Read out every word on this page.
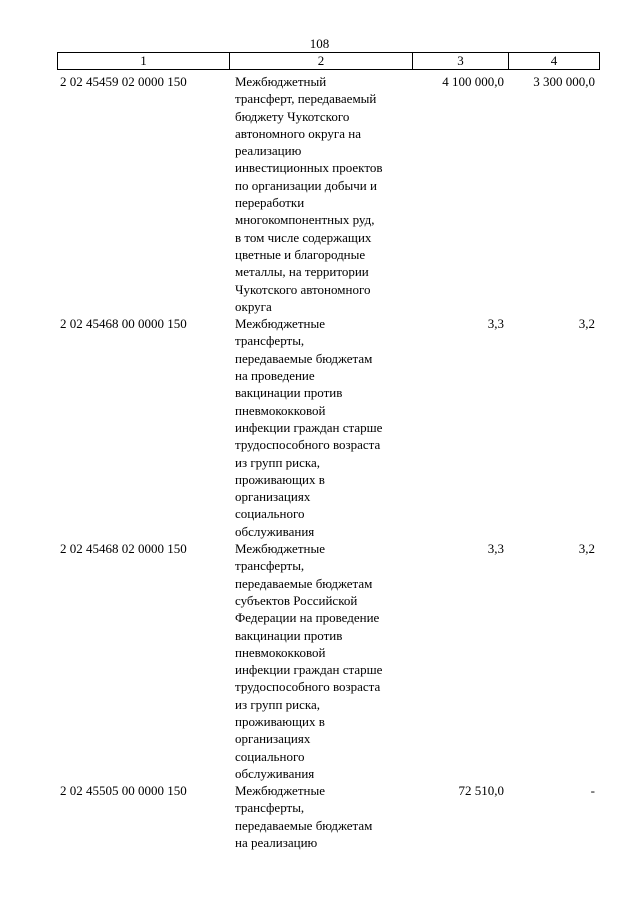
108
1	2	3	4
2 02 45459 02 0000 150	Межбюджетный
трансферт, передаваемый
бюджету Чукотского
автономного округа на
реализацию
инвестиционных проектов
по организации добычи и
переработки
многокомпонентных руд,
в том числе содержащих
цветные и благородные
металлы, на территории
Чукотского автономного
округа
4 100 000,0	3 300 000,0
2 02 45468 00 0000 150	Межбюджетные
трансферты,
передаваемые бюджетам
на проведение
вакцинации против
пневмококковой
инфекции граждан старше
трудоспособного возраста
из групп риска,
проживающих в
организациях
социального
обслуживания
3,3	3,2
2 02 45468 02 0000 150	Межбюджетные
трансферты,
передаваемые бюджетам
субъектов Российской
Федерации на проведение
вакцинации против
пневмококковой
инфекции граждан старше
трудоспособного возраста
из групп риска,
проживающих в
организациях
социального
обслуживания
3,3	3,2
2 02 45505 00 0000 150	Межбюджетные
трансферты,
передаваемые бюджетам
на реализацию
72 510,0	-
